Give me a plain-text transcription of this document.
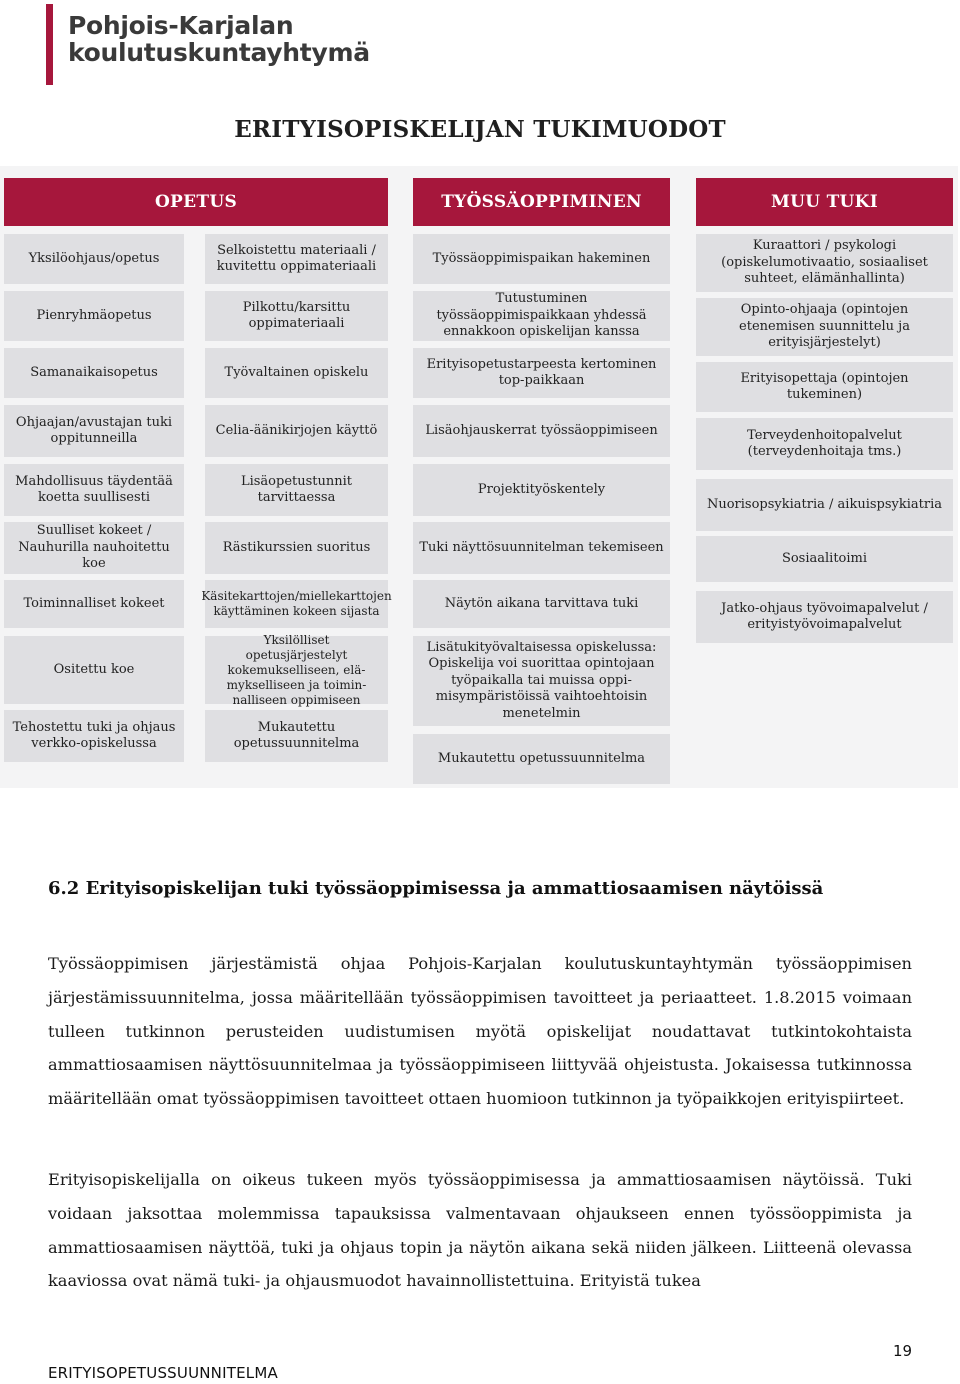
Pohjois-Karjalan
koulutuskuntayhtymä
ERITYISOPISKELIJAN TUKIMUODOT
OPETUS	TYÖSSÄOPPIMINEN	MUU TUKI
Yksilöohjaus/opetus
Pienryhmäopetus
Samanaikaisopetus
Ohjaajan/avustajan tuki oppitunneilla
Mahdollisuus täydentää koetta suullisesti
Suulliset kokeet / Nauhurilla nauhoitettu koe
Toiminnalliset kokeet
Ositettu koe
Tehostettu tuki ja ohjaus verkko-opiskelussa
Selkoistettu materiaali / kuvitettu oppimateriaali
Pilkottu/karsittu oppimateriaali
Työvaltainen opiskelu
Celia-äänikirjojen käyttö
Lisäopetustunnit tarvittaessa
Rästikurssien suoritus
Käsitekarttojen/miellekarttojen käyttäminen kokeen sijasta
Yksilölliset opetusjärjestelyt kokemukselliseen, elä-mykselliseen ja toimin-nalliseen oppimiseen
Mukautettu opetussuunnitelma
Työssäoppimispaikan hakeminen
Tutustuminen työssäoppimispaikkaan yhdessä ennakkoon opiskelijan kanssa
Erityisopetustarpeesta kertominen top-paikkaan
Lisäohjauskerrat työssäoppimiseen
Projektityöskentely
Tuki näyttösuunnitelman tekemiseen
Näytön aikana tarvittava tuki
Lisätukityövaltaisessa opiskelussa: Opiskelija voi suorittaa opintojaan työpaikalla tai muissa oppi-misympäristöissä vaihtoehtoisin menetelmin
Mukautettu opetussuunnitelma
Kuraattori / psykologi (opiskelumotivaatio, sosiaaliset suhteet, elämänhallinta)
Opinto-ohjaaja (opintojen etenemisen suunnittelu ja erityisjärjestelyt)
Erityisopettaja (opintojen tukeminen)
Terveydenhoitopalvelut (terveydenhoitaja tms.)
Nuorisopsykiatria / aikuispsykiatria
Sosiaalitoimi
Jatko-ohjaus työvoimapalvelut / erityistyövoimapalvelut
6.2 Erityisopiskelijan tuki työssäoppimisessa ja ammattiosaamisen näytöissä

Työssäoppimisen järjestämistä ohjaa Pohjois-Karjalan koulutuskuntayhtymän työssäoppimisen järjestämissuunnitelma, jossa määritellään työssäoppimisen tavoitteet ja periaatteet. 1.8.2015 voimaan tulleen tutkinnon perusteiden uudistumisen myötä opiskelijat noudattavat tutkintokohtaista ammattiosaamisen näyttösuunnitelmaa ja työssäoppimiseen liittyvää ohjeistusta. Jokaisessa tutkinnossa määritellään omat työssäoppimisen tavoitteet ottaen huomioon tutkinnon ja työpaikkojen erityispiirteet.

Erityisopiskelijalla on oikeus tukeen myös työssäoppimisessa ja ammattiosaamisen näytöissä. Tuki voidaan jaksottaa molemmissa tapauksissa valmentavaan ohjaukseen ennen työssöoppimista ja ammattiosaamisen näyttöä, tuki ja ohjaus topin ja näytön aikana sekä niiden jälkeen. Liitteenä olevassa kaaviossa ovat nämä tuki- ja ohjausmuodot havainnollistettuina. Erityistä tukea

19
ERITYISOPETUSSUUNNITELMA
